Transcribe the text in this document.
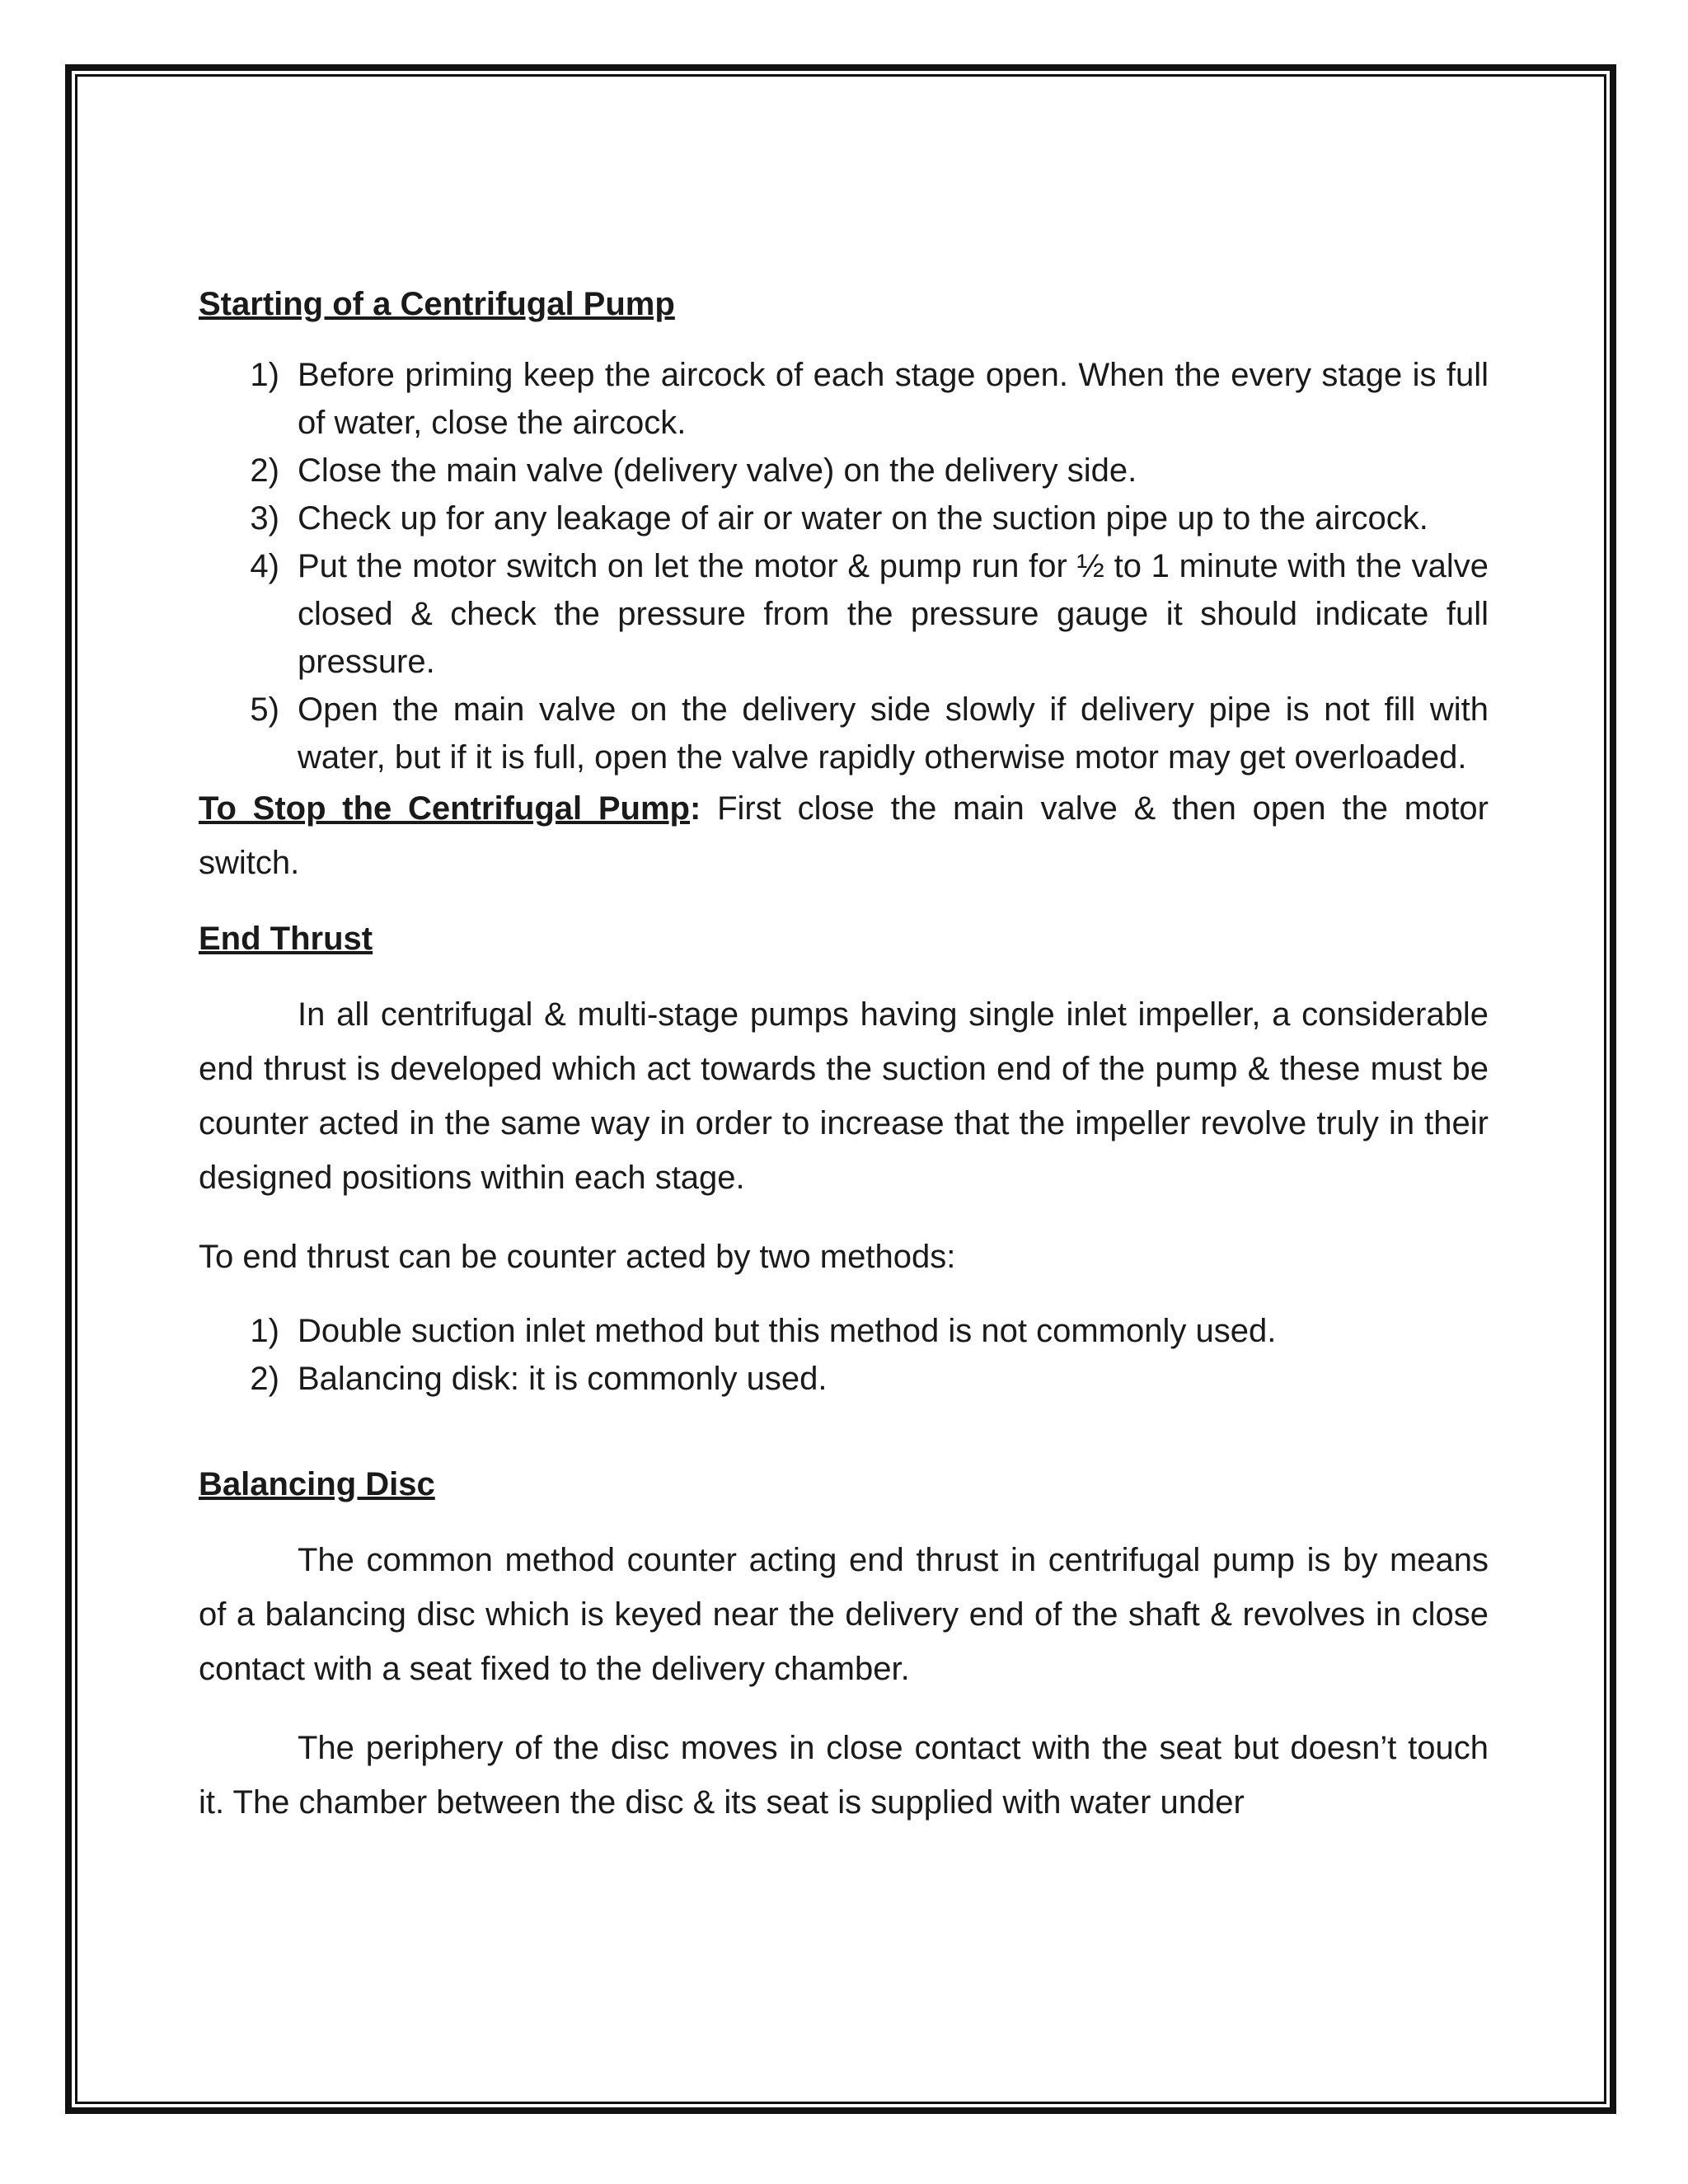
Starting of a Centrifugal Pump
1) Before priming keep the aircock of each stage open. When the every stage is full of water, close the aircock.
2) Close the main valve (delivery valve) on the delivery side.
3) Check up for any leakage of air or water on the suction pipe up to the aircock.
4) Put the motor switch on let the motor & pump run for ½ to 1 minute with the valve closed & check the pressure from the pressure gauge it should indicate full pressure.
5) Open the main valve on the delivery side slowly if delivery pipe is not fill with water, but if it is full, open the valve rapidly otherwise motor may get overloaded.

To Stop the Centrifugal Pump: First close the main valve & then open the motor switch.

End Thrust

In all centrifugal & multi-stage pumps having single inlet impeller, a considerable end thrust is developed which act towards the suction end of the pump & these must be counter acted in the same way in order to increase that the impeller revolve truly in their designed positions within each stage.

To end thrust can be counter acted by two methods:

1) Double suction inlet method but this method is not commonly used.
2) Balancing disk: it is commonly used.
Balancing Disc

The common method counter acting end thrust in centrifugal pump is by means of a balancing disc which is keyed near the delivery end of the shaft & revolves in close contact with a seat fixed to the delivery chamber.

The periphery of the disc moves in close contact with the seat but doesn’t touch it. The chamber between the disc & its seat is supplied with water under
